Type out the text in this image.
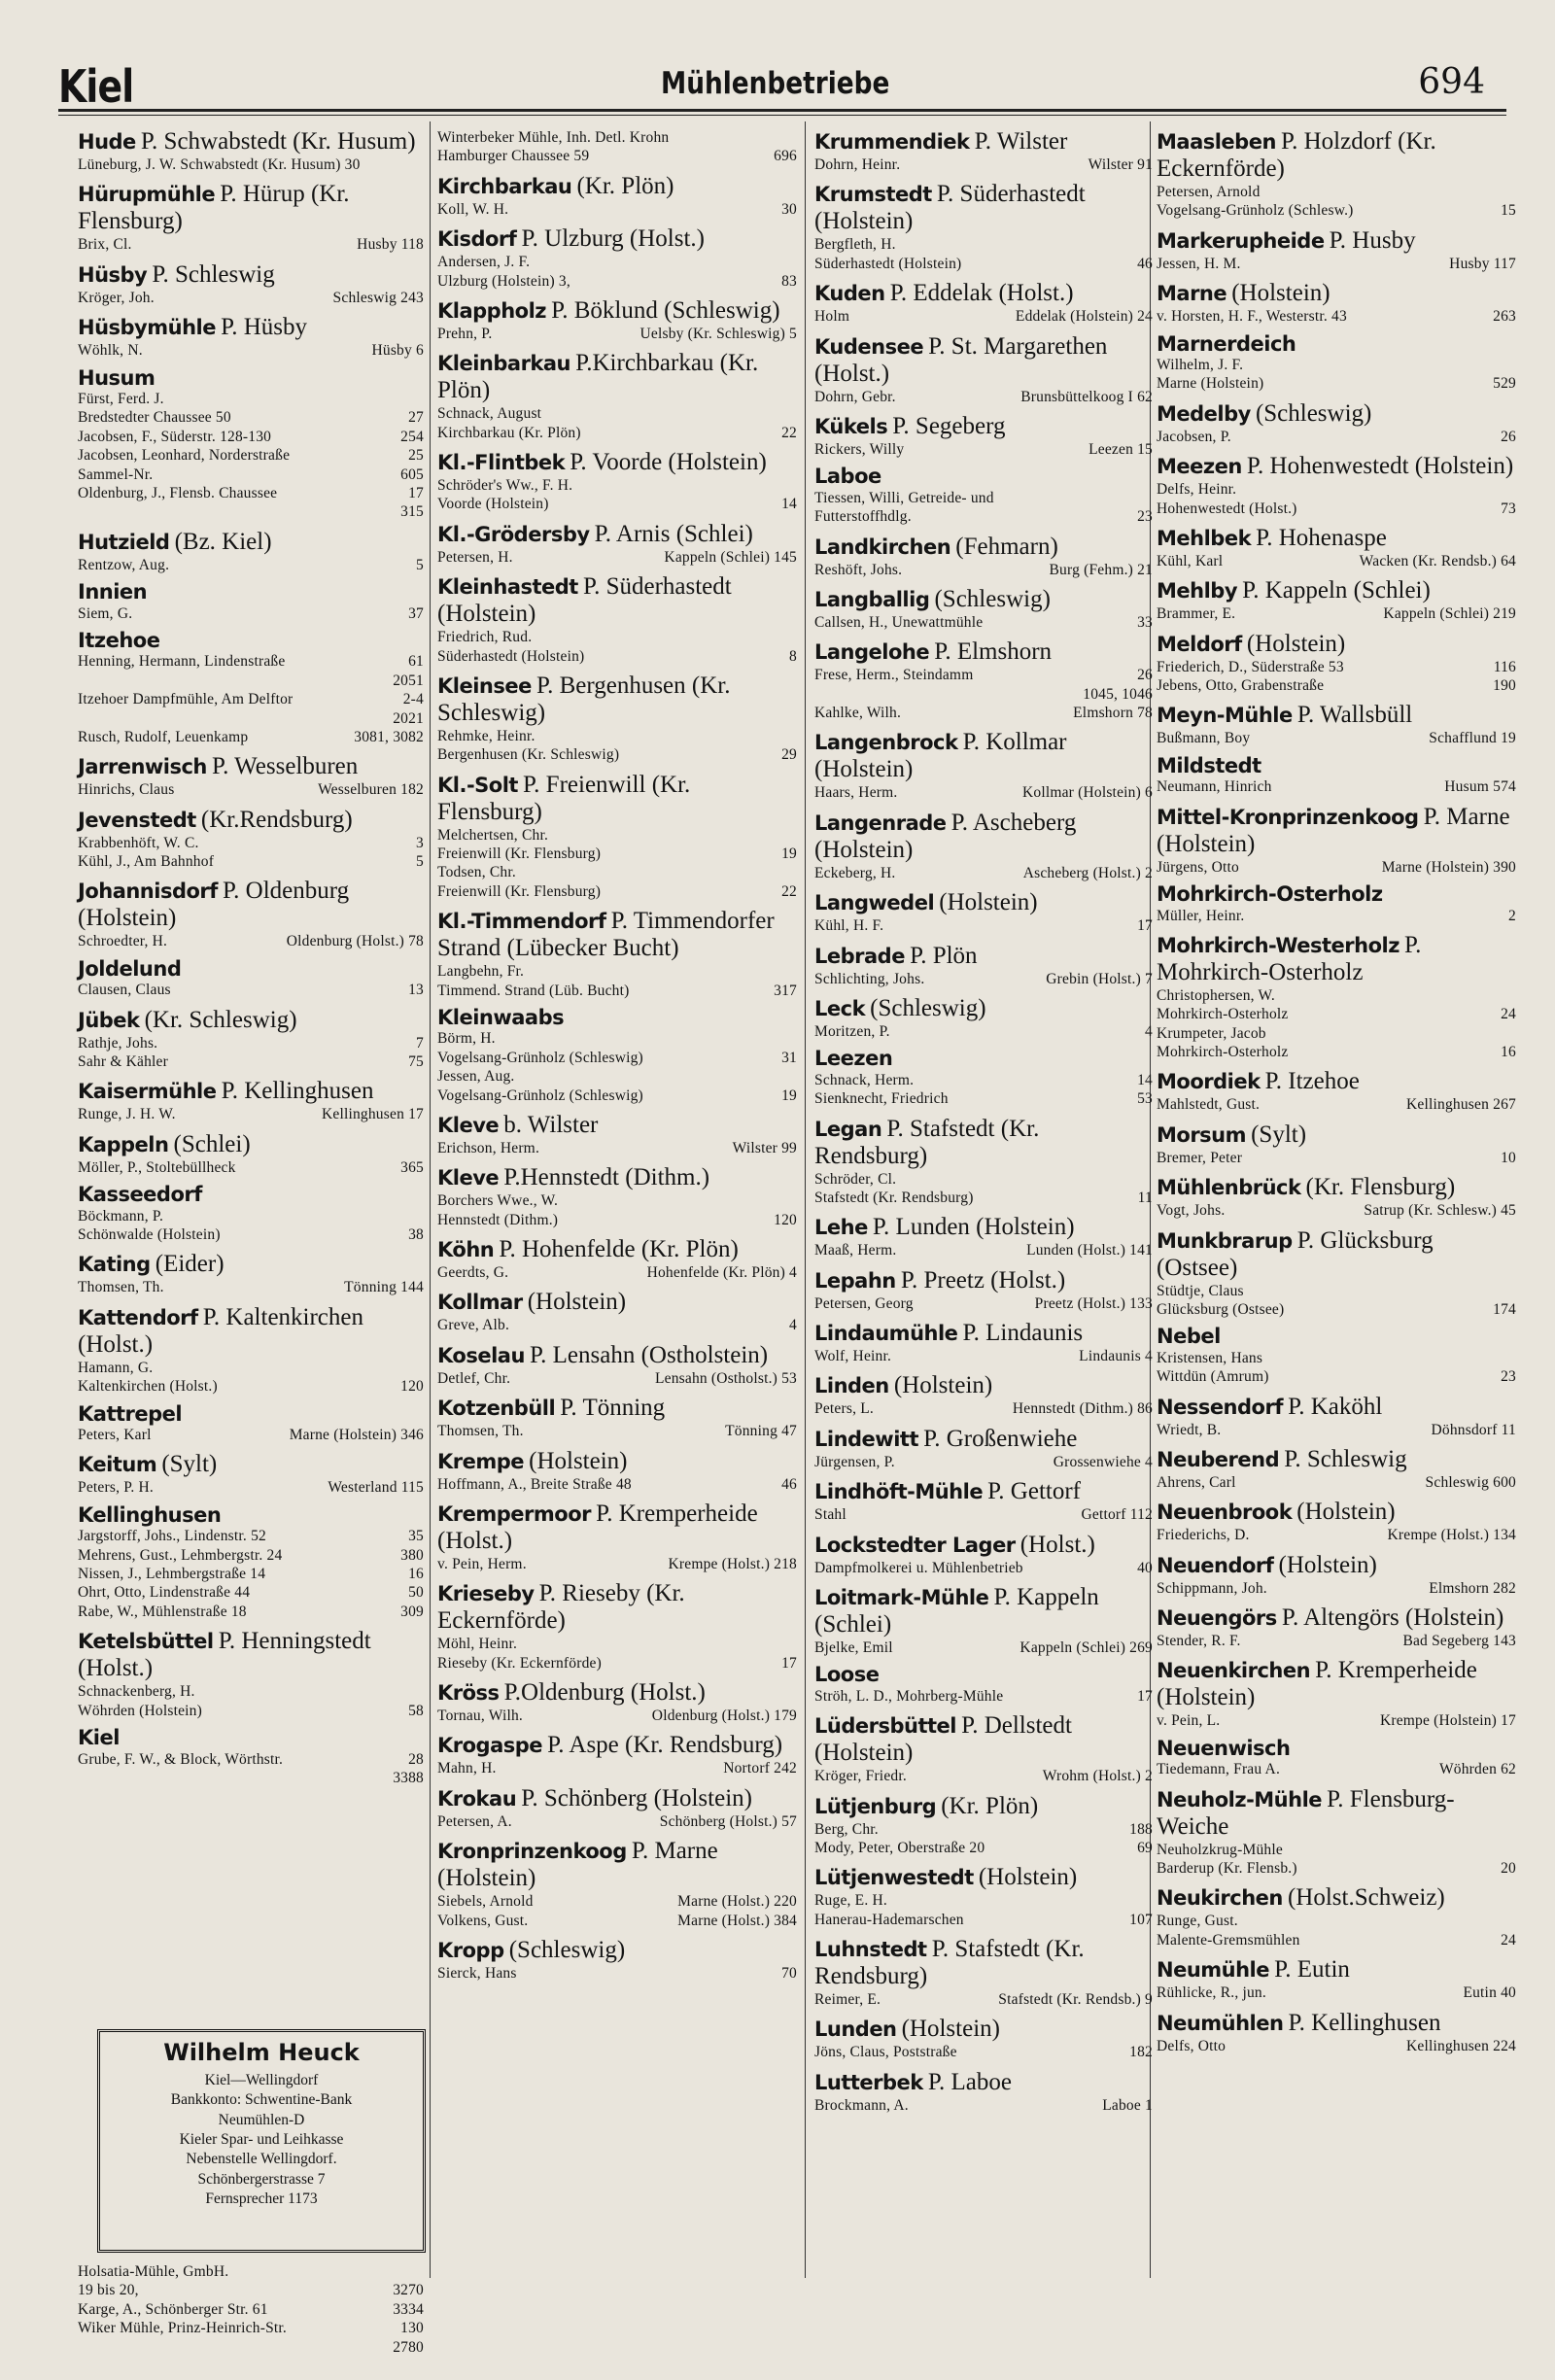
Kiel	Mühlenbetriebe	694
Hude P. Schwabstedt (Kr. Husum)
Lüneburg, J. W. Schwabstedt (Kr. Husum) 30
Hürupmühle P. Hürup (Kr. Flensburg)
Brix, Cl.	Husby 118
Hüsby P. Schleswig
Kröger, Joh.	Schleswig 243
Hüsbymühle P. Hüsby
Wöhlk, N.	Hüsby 6
Husum
Fürst, Ferd. J.
Bredstedter Chaussee 50	27
Jacobsen, F., Süderstr. 128-130	254
Jacobsen, Leonhard, Norderstraße	25
Sammel-Nr.	605
Oldenburg, J., Flensb. Chaussee	17
315
Hutzield (Bz. Kiel)
Rentzow, Aug.	5
Innien
Siem, G.	37
Itzehoe
Henning, Hermann, Lindenstraße	61
2051
Itzehoer Dampfmühle, Am Delftor	2-4
2021
Rusch, Rudolf, Leuenkamp	3081, 3082
Jarrenwisch P. Wesselburen
Hinrichs, Claus	Wesselburen 182
Jevenstedt (Kr.Rendsburg)
Krabbenhöft, W. C.	3
Kühl, J., Am Bahnhof	5
Johannisdorf P. Oldenburg (Holstein)
Schroedter, H.	Oldenburg (Holst.) 78
Joldelund
Clausen, Claus	13
Jübek (Kr. Schleswig)
Rathje, Johs.	7
Sahr & Kähler	75
Kaisermühle P. Kellinghusen
Runge, J. H. W.	Kellinghusen 17
Kappeln (Schlei)
Möller, P., Stoltebüllheck	365
Kasseedorf
Böckmann, P.
Schönwalde (Holstein)	38
Kating (Eider)
Thomsen, Th.	Tönning 144
Kattendorf P. Kaltenkirchen (Holst.)
Hamann, G.
Kaltenkirchen (Holst.)	120
Kattrepel
Peters, Karl	Marne (Holstein) 346
Keitum (Sylt)
Peters, P. H.	Westerland 115
Kellinghusen
Jargstorff, Johs., Lindenstr. 52	35
Mehrens, Gust., Lehmbergstr. 24	380
Nissen, J., Lehmbergstraße 14	16
Ohrt, Otto, Lindenstraße 44	50
Rabe, W., Mühlenstraße 18	309
Ketelsbüttel P. Henningstedt (Holst.)
Schnackenberg, H.
Wöhrden (Holstein)	58
Kiel
Grube, F. W., & Block, Wörthstr.	28
3388
Winterbeker Mühle, Inh. Detl. Krohn
Hamburger Chaussee 59	696
Kirchbarkau (Kr. Plön)
Koll, W. H.	30
Kisdorf P. Ulzburg (Holst.)
Andersen, J. F.
Ulzburg (Holstein) 3,	83
Klappholz P. Böklund (Schleswig)
Prehn, P.	Uelsby (Kr. Schleswig) 5
Kleinbarkau P.Kirchbarkau (Kr. Plön)
Schnack, August
Kirchbarkau (Kr. Plön)	22
Kl.-Flintbek P. Voorde (Holstein)
Schröder's Ww., F. H.
Voorde (Holstein)	14
Kl.-Grödersby P. Arnis (Schlei)
Petersen, H.	Kappeln (Schlei) 145
Kleinhastedt P. Süderhastedt (Holstein)
Friedrich, Rud.
Süderhastedt (Holstein)	8
Kleinsee P. Bergenhusen (Kr. Schleswig)
Rehmke, Heinr.
Bergenhusen (Kr. Schleswig)	29
Kl.-Solt P. Freienwill (Kr. Flensburg)
Melchertsen, Chr.
Freienwill (Kr. Flensburg)	19
Todsen, Chr.
Freienwill (Kr. Flensburg)	22
Kl.-Timmendorf P. Timmendorfer Strand (Lübecker Bucht)
Langbehn, Fr.
Timmend. Strand (Lüb. Bucht)	317
Kleinwaabs
Börm, H.
Vogelsang-Grünholz (Schleswig)	31
Jessen, Aug.
Vogelsang-Grünholz (Schleswig)	19
Kleve b. Wilster
Erichson, Herm.	Wilster 99
Kleve P.Hennstedt (Dithm.)
Borchers Wwe., W.
Hennstedt (Dithm.)	120
Köhn P. Hohenfelde (Kr. Plön)
Geerdts, G.	Hohenfelde (Kr. Plön) 4
Kollmar (Holstein)
Greve, Alb.	4
Koselau P. Lensahn (Ostholstein)
Detlef, Chr.	Lensahn (Ostholst.) 53
Kotzenbüll P. Tönning
Thomsen, Th.	Tönning 47
Krempe (Holstein)
Hoffmann, A., Breite Straße 48	46
Krempermoor P. Kremperheide (Holst.)
v. Pein, Herm.	Krempe (Holst.) 218
Krieseby P. Rieseby (Kr. Eckernförde)
Möhl, Heinr.
Rieseby (Kr. Eckernförde)	17
Kröss P.Oldenburg (Holst.)
Tornau, Wilh.	Oldenburg (Holst.) 179
Krogaspe P. Aspe (Kr. Rendsburg)
Mahn, H.	Nortorf 242
Krokau P. Schönberg (Holstein)
Petersen, A.	Schönberg (Holst.) 57
Kronprinzenkoog P. Marne (Holstein)
Siebels, Arnold	Marne (Holst.) 220
Volkens, Gust.	Marne (Holst.) 384
Kropp (Schleswig)
Sierck, Hans	70
Krummendiek P. Wilster
Dohrn, Heinr.	Wilster 91
Krumstedt P. Süderhastedt (Holstein)
Bergfleth, H.
Süderhastedt (Holstein)	46
Kuden P. Eddelak (Holst.)
Holm	Eddelak (Holstein) 24
Kudensee P. St. Margarethen (Holst.)
Dohrn, Gebr.	Brunsbüttelkoog I 62
Kükels P. Segeberg
Rickers, Willy	Leezen 15
Laboe
Tiessen, Willi, Getreide- und
Futterstoffhdlg.	23
Landkirchen (Fehmarn)
Reshöft, Johs.	Burg (Fehm.) 21
Langballig (Schleswig)
Callsen, H., Unewattmühle	33
Langelohe P. Elmshorn
Frese, Herm., Steindamm	26
1045, 1046
Kahlke, Wilh.	Elmshorn 78
Langenbrock P. Kollmar (Holstein)
Haars, Herm.	Kollmar (Holstein) 6
Langenrade P. Ascheberg (Holstein)
Eckeberg, H.	Ascheberg (Holst.) 2
Langwedel (Holstein)
Kühl, H. F.	17
Lebrade P. Plön
Schlichting, Johs.	Grebin (Holst.) 7
Leck (Schleswig)
Moritzen, P.	4
Leezen
Schnack, Herm.	14
Sienknecht, Friedrich	53
Legan P. Stafstedt (Kr. Rendsburg)
Schröder, Cl.
Stafstedt (Kr. Rendsburg)	11
Lehe P. Lunden (Holstein)
Maaß, Herm.	Lunden (Holst.) 141
Lepahn P. Preetz (Holst.)
Petersen, Georg	Preetz (Holst.) 133
Lindaumühle P. Lindaunis
Wolf, Heinr.	Lindaunis 4
Linden (Holstein)
Peters, L.	Hennstedt (Dithm.) 86
Lindewitt P. Großenwiehe
Jürgensen, P.	Grossenwiehe 4
Lindhöft-Mühle P. Gettorf
Stahl	Gettorf 112
Lockstedter Lager (Holst.)
Dampfmolkerei u. Mühlenbetrieb	40
Loitmark-Mühle P. Kappeln (Schlei)
Bjelke, Emil	Kappeln (Schlei) 269
Loose
Ströh, L. D., Mohrberg-Mühle	17
Lüdersbüttel P. Dellstedt (Holstein)
Kröger, Friedr.	Wrohm (Holst.) 2
Lütjenburg (Kr. Plön)
Berg, Chr.	188
Mody, Peter, Oberstraße 20	69
Lütjenwestedt (Holstein)
Ruge, E. H.
Hanerau-Hademarschen	107
Luhnstedt P. Stafstedt (Kr. Rendsburg)
Reimer, E.	Stafstedt (Kr. Rendsb.) 9
Lunden (Holstein)
Jöns, Claus, Poststraße	182
Lutterbek P. Laboe
Brockmann, A.	Laboe 1
Maasleben P. Holzdorf (Kr. Eckernförde)
Petersen, Arnold
Vogelsang-Grünholz (Schlesw.)	15
Markerupheide P. Husby
Jessen, H. M.	Husby 117
Marne (Holstein)
v. Horsten, H. F., Westerstr. 43	263
Marnerdeich
Wilhelm, J. F.
Marne (Holstein)	529
Medelby (Schleswig)
Jacobsen, P.	26
Meezen P. Hohenwestedt (Holstein)
Delfs, Heinr.
Hohenwestedt (Holst.)	73
Mehlbek P. Hohenaspe
Kühl, Karl	Wacken (Kr. Rendsb.) 64
Mehlby P. Kappeln (Schlei)
Brammer, E.	Kappeln (Schlei) 219
Meldorf (Holstein)
Friederich, D., Süderstraße 53	116
Jebens, Otto, Grabenstraße	190
Meyn-Mühle P. Wallsbüll
Bußmann, Boy	Schafflund 19
Mildstedt
Neumann, Hinrich	Husum 574
Mittel-Kronprinzenkoog P. Marne (Holstein)
Jürgens, Otto	Marne (Holstein) 390
Mohrkirch-Osterholz
Müller, Heinr.	2
Mohrkirch-Westerholz P. Mohrkirch-Osterholz
Christophersen, W.
Mohrkirch-Osterholz	24
Krumpeter, Jacob
Mohrkirch-Osterholz	16
Moordiek P. Itzehoe
Mahlstedt, Gust.	Kellinghusen 267
Morsum (Sylt)
Bremer, Peter	10
Mühlenbrück (Kr. Flensburg)
Vogt, Johs.	Satrup (Kr. Schlesw.) 45
Munkbrarup P. Glücksburg (Ostsee)
Stüdtje, Claus
Glücksburg (Ostsee)	174
Nebel
Kristensen, Hans
Wittdün (Amrum)	23
Nessendorf P. Kaköhl
Wriedt, B.	Döhnsdorf 11
Neuberend P. Schleswig
Ahrens, Carl	Schleswig 600
Neuenbrook (Holstein)
Friederichs, D.	Krempe (Holst.) 134
Neuendorf (Holstein)
Schippmann, Joh.	Elmshorn 282
Neuengörs P. Altengörs (Holstein)
Stender, R. F.	Bad Segeberg 143
Neuenkirchen P. Kremperheide (Holstein)
v. Pein, L.	Krempe (Holstein) 17
Neuenwisch
Tiedemann, Frau A.	Wöhrden 62
Neuholz-Mühle P. Flensburg-Weiche
Neuholzkrug-Mühle
Barderup (Kr. Flensb.)	20
Neukirchen (Holst.Schweiz)
Runge, Gust.
Malente-Gremsmühlen	24
Neumühle P. Eutin
Rühlicke, R., jun.	Eutin 40
Neumühlen P. Kellinghusen
Delfs, Otto	Kellinghusen 224
Wilhelm Heuck
Kiel—Wellingdorf
Bankkonto: Schwentine-Bank
Neumühlen-D
Kieler Spar- und Leihkasse
Nebenstelle Wellingdorf.
Schönbergerstrasse 7
Fernsprecher 1173
Holsatia-Mühle, GmbH.
19 bis 20,	3270
Karge, A., Schönberger Str. 61	3334
Wiker Mühle, Prinz-Heinrich-Str.	130
2780
